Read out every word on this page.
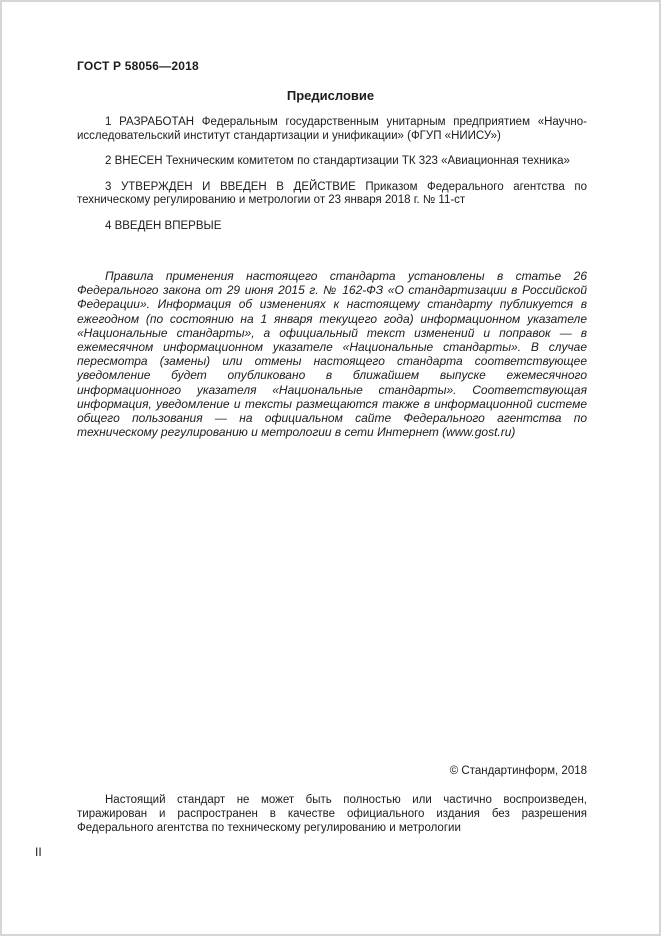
ГОСТ Р 58056—2018
Предисловие

1 РАЗРАБОТАН Федеральным государственным унитарным предприятием «Научно-исследовательский институт стандартизации и унификации» (ФГУП «НИИСУ»)

2 ВНЕСЕН Техническим комитетом по стандартизации ТК 323 «Авиационная техника»

3 УТВЕРЖДЕН И ВВЕДЕН В ДЕЙСТВИЕ Приказом Федерального агентства по техническому регулированию и метрологии от 23 января 2018 г. № 11-ст

4 ВВЕДЕН ВПЕРВЫЕ

Правила применения настоящего стандарта установлены в статье 26 Федерального закона от 29 июня 2015 г. № 162-ФЗ «О стандартизации в Российской Федерации». Информация об изменениях к настоящему стандарту публикуется в ежегодном (по состоянию на 1 января текущего года) информационном указателе «Национальные стандарты», а официальный текст изменений и поправок — в ежемесячном информационном указателе «Национальные стандарты». В случае пересмотра (замены) или отмены настоящего стандарта соответствующее уведомление будет опубликовано в ближайшем выпуске ежемесячного информационного указателя «Национальные стандарты». Соответствующая информация, уведомление и тексты размещаются также в информационной системе общего пользования — на официальном сайте Федерального агентства по техническому регулированию и метрологии в сети Интернет (www.gost.ru)

© Стандартинформ, 2018

Настоящий стандарт не может быть полностью или частично воспроизведен, тиражирован и распространен в качестве официального издания без разрешения Федерального агентства по техническому регулированию и метрологии

II
